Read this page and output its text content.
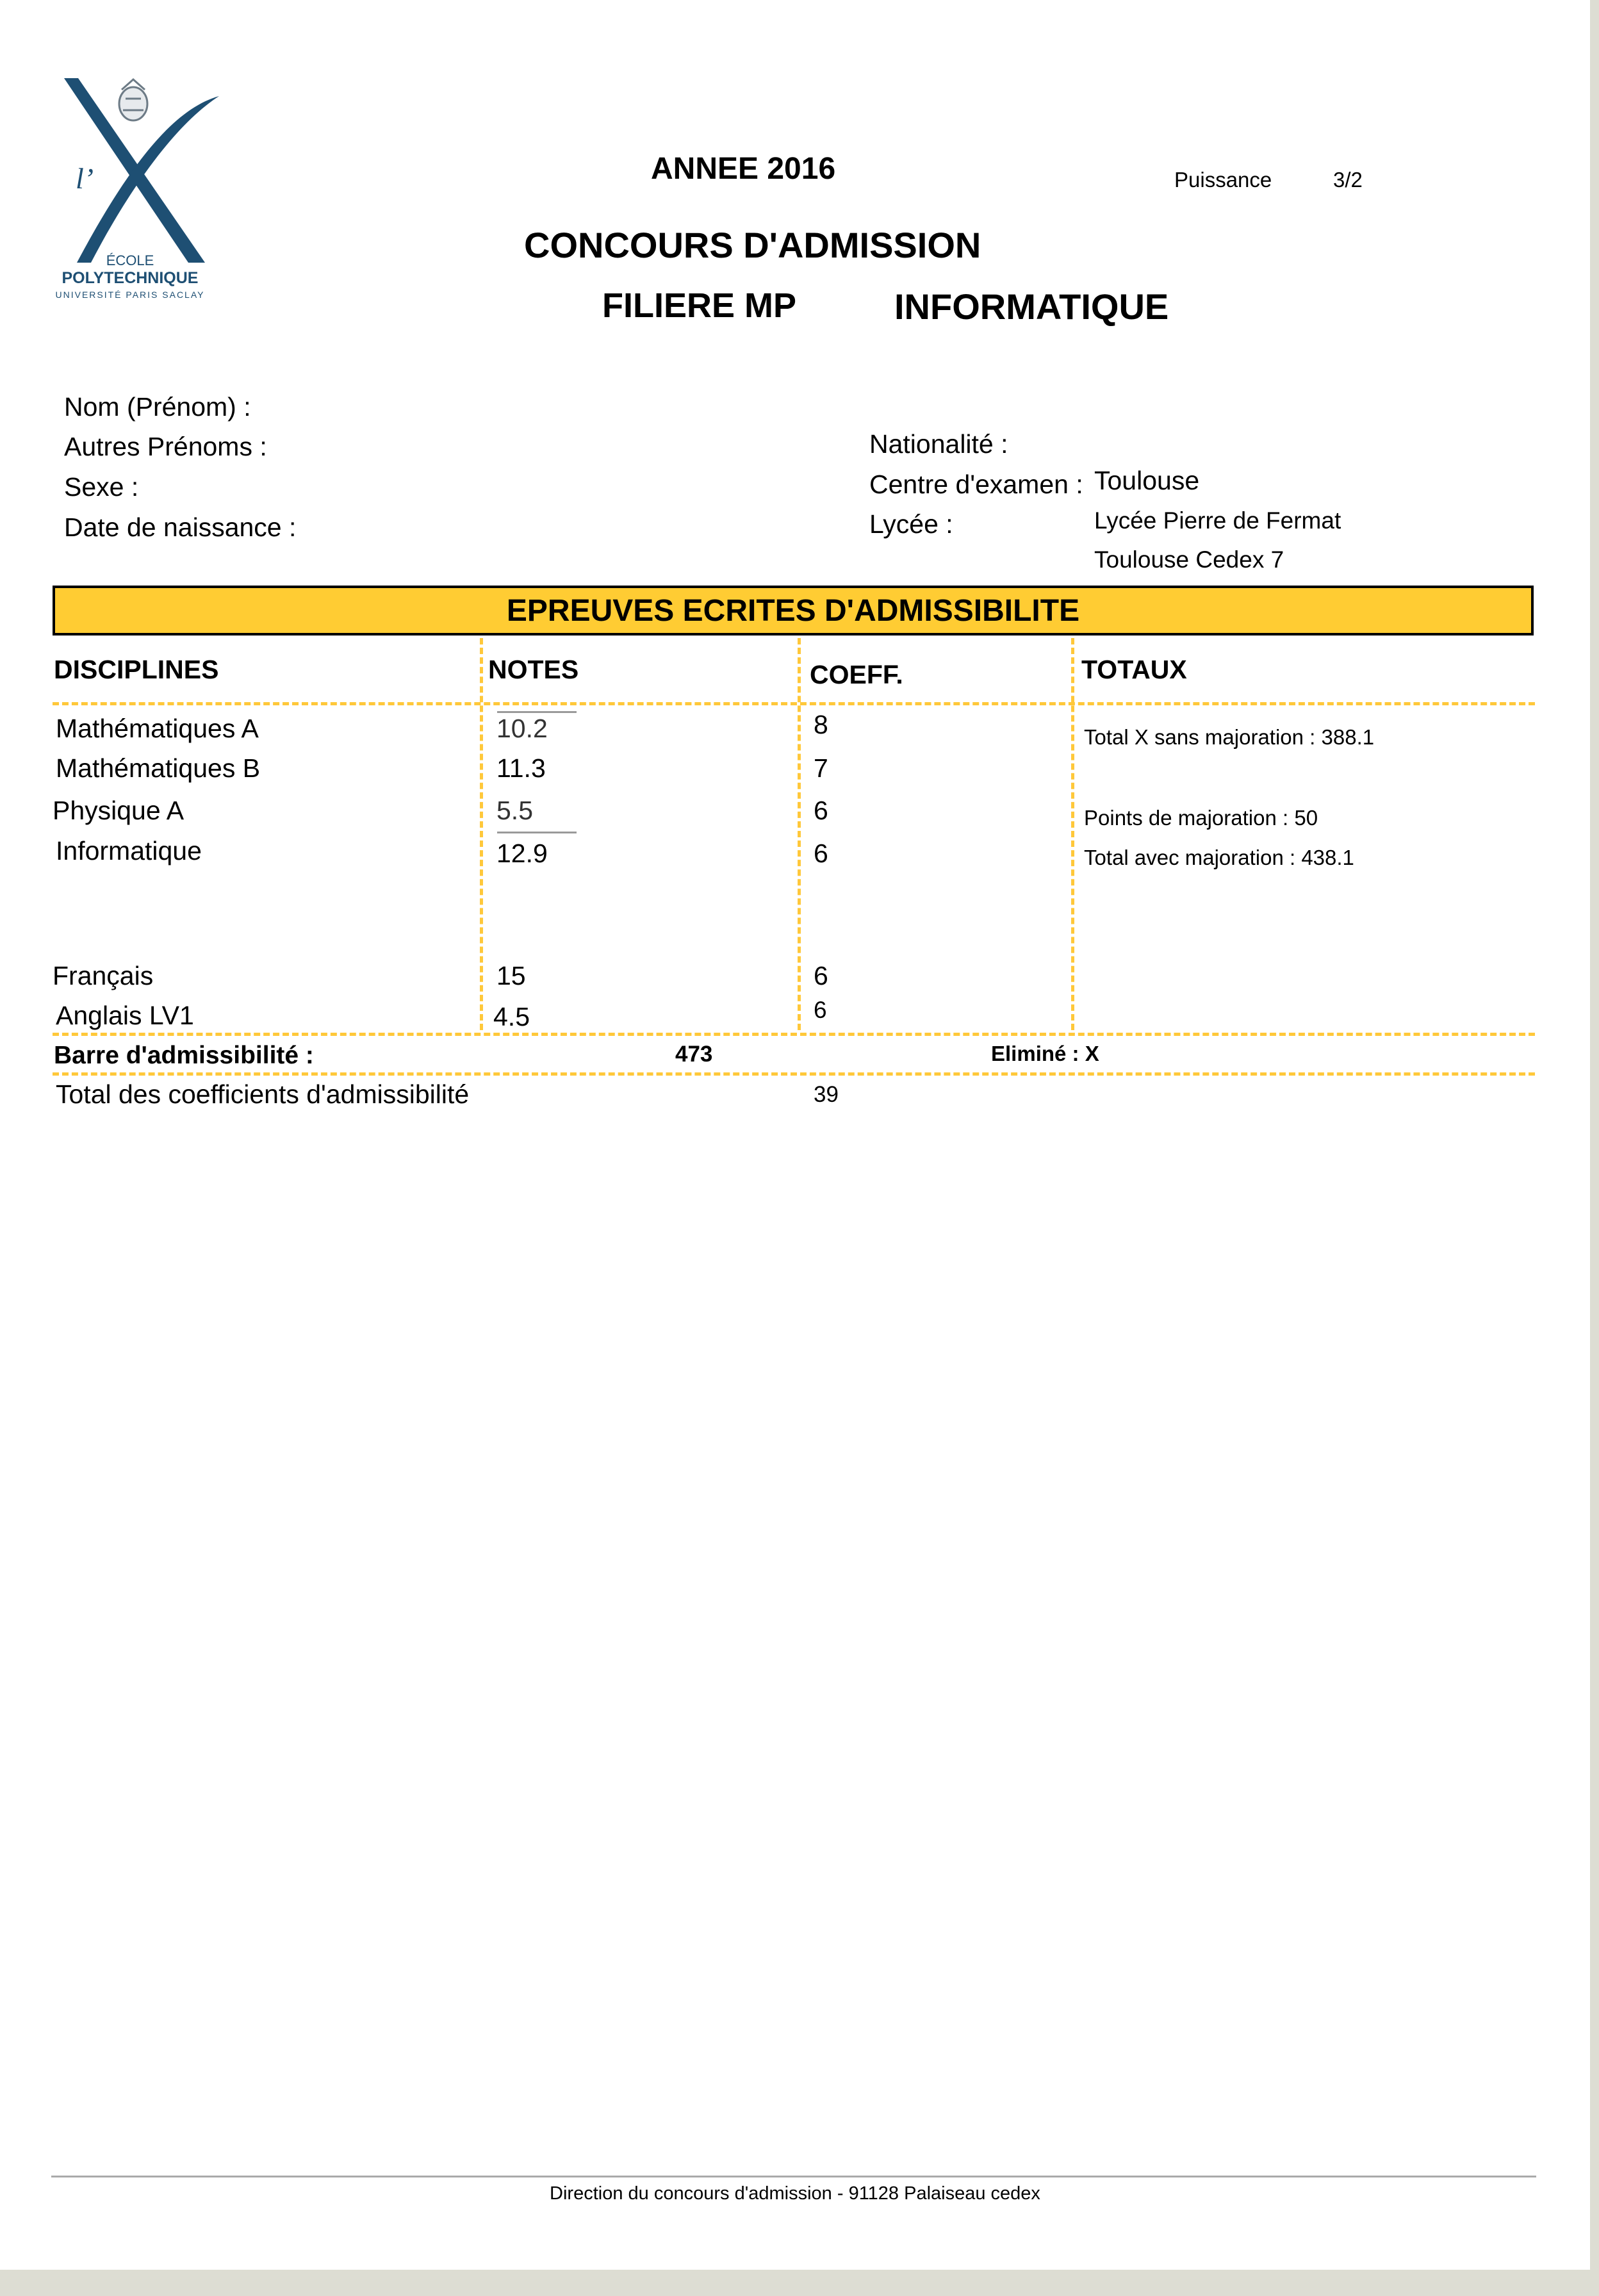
l’
ÉCOLE
POLYTECHNIQUE
UNIVERSITÉ PARIS SACLAY
ANNEE 2016	Puissance	3/2
CONCOURS D'ADMISSION
FILIERE MP	INFORMATIQUE
Nom (Prénom) :
Autres Prénoms :
Sexe :
Date de naissance :
Nationalité :
Centre d'examen : Toulouse
Lycée :	Lycée Pierre de Fermat
Toulouse Cedex 7
EPREUVES ECRITES D'ADMISSIBILITE
DISCIPLINES	NOTES	COEFF.	TOTAUX
Mathématiques A	10.2	8
Mathématiques B	11.3	7
Physique A	5.5	6
Informatique	12.9	6
Français	15	6
Anglais LV1	4.5	6
Total X sans majoration : 388.1
Points de majoration : 50
Total avec majoration : 438.1
Barre d'admissibilité :	473	Eliminé : X
Total des coefficients d'admissibilité	39
Direction du concours d'admission - 91128 Palaiseau cedex
